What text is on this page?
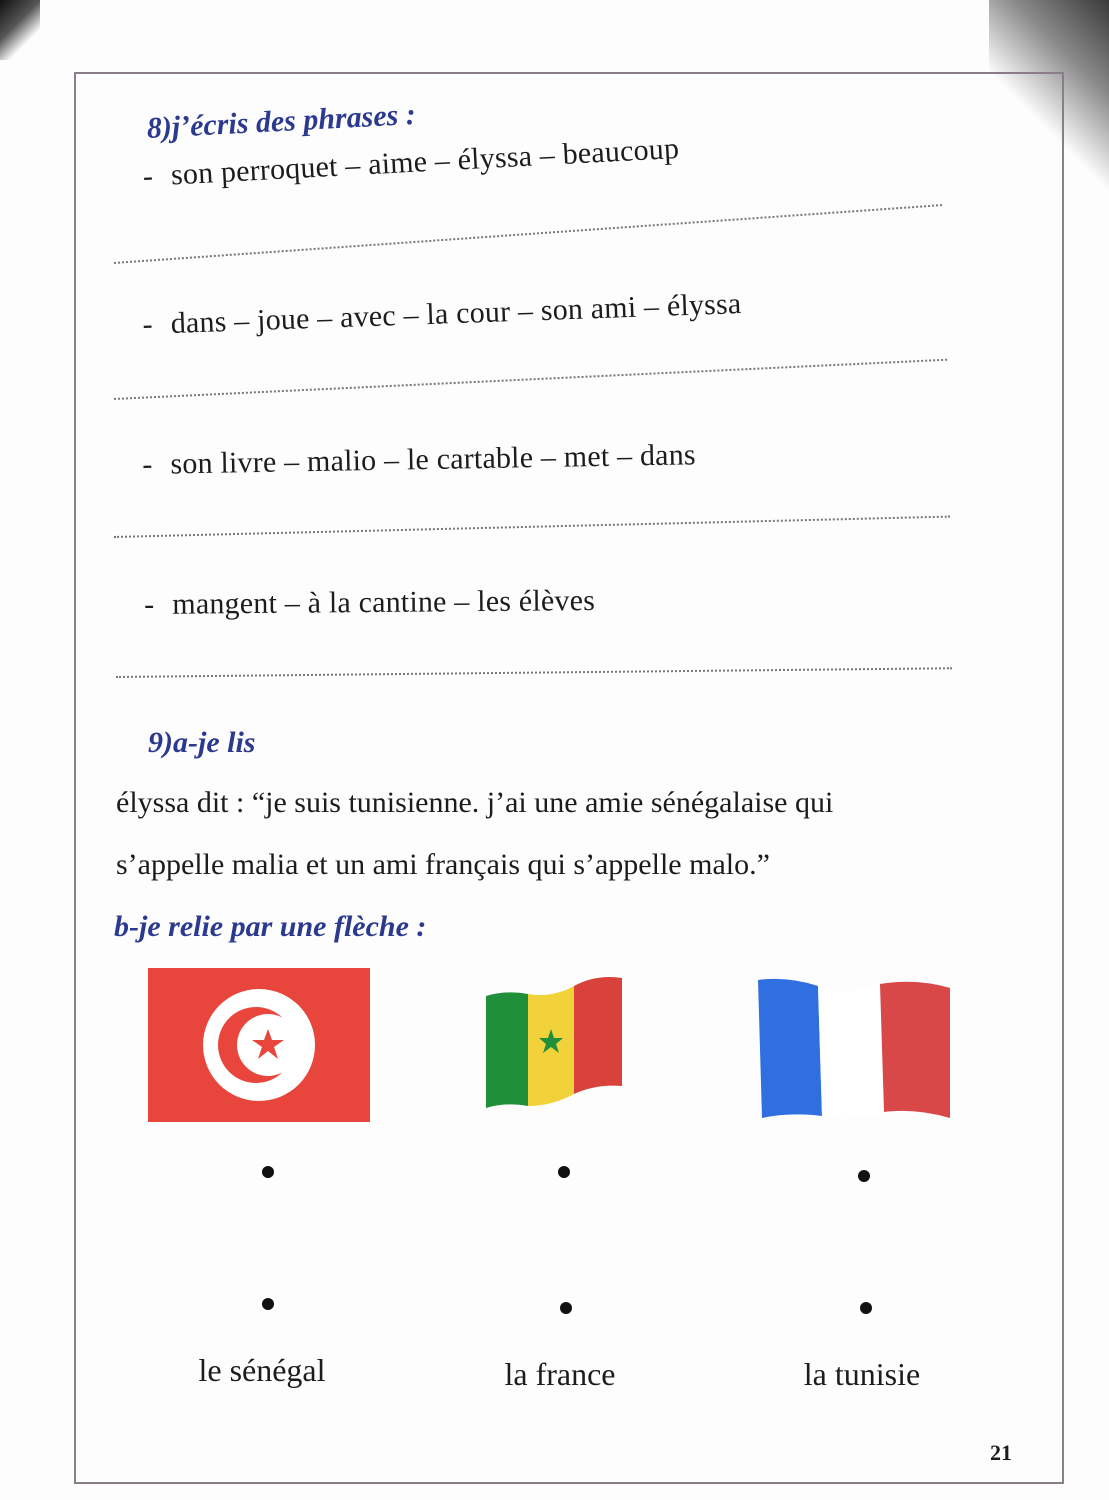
8)j’écris des phrases :
- son perroquet – aime – élyssa – beaucoup
- dans – joue – avec – la cour – son ami – élyssa
- son livre – malio – le cartable – met – dans
- mangent – à la cantine – les élèves
9)a-je lis
élyssa dit : “je suis tunisienne. j’ai une amie sénégalaise qui
s’appelle malia et un ami français qui s’appelle malo.”
b-je relie par une flèche :
le sénégal	la france	la tunisie
21
